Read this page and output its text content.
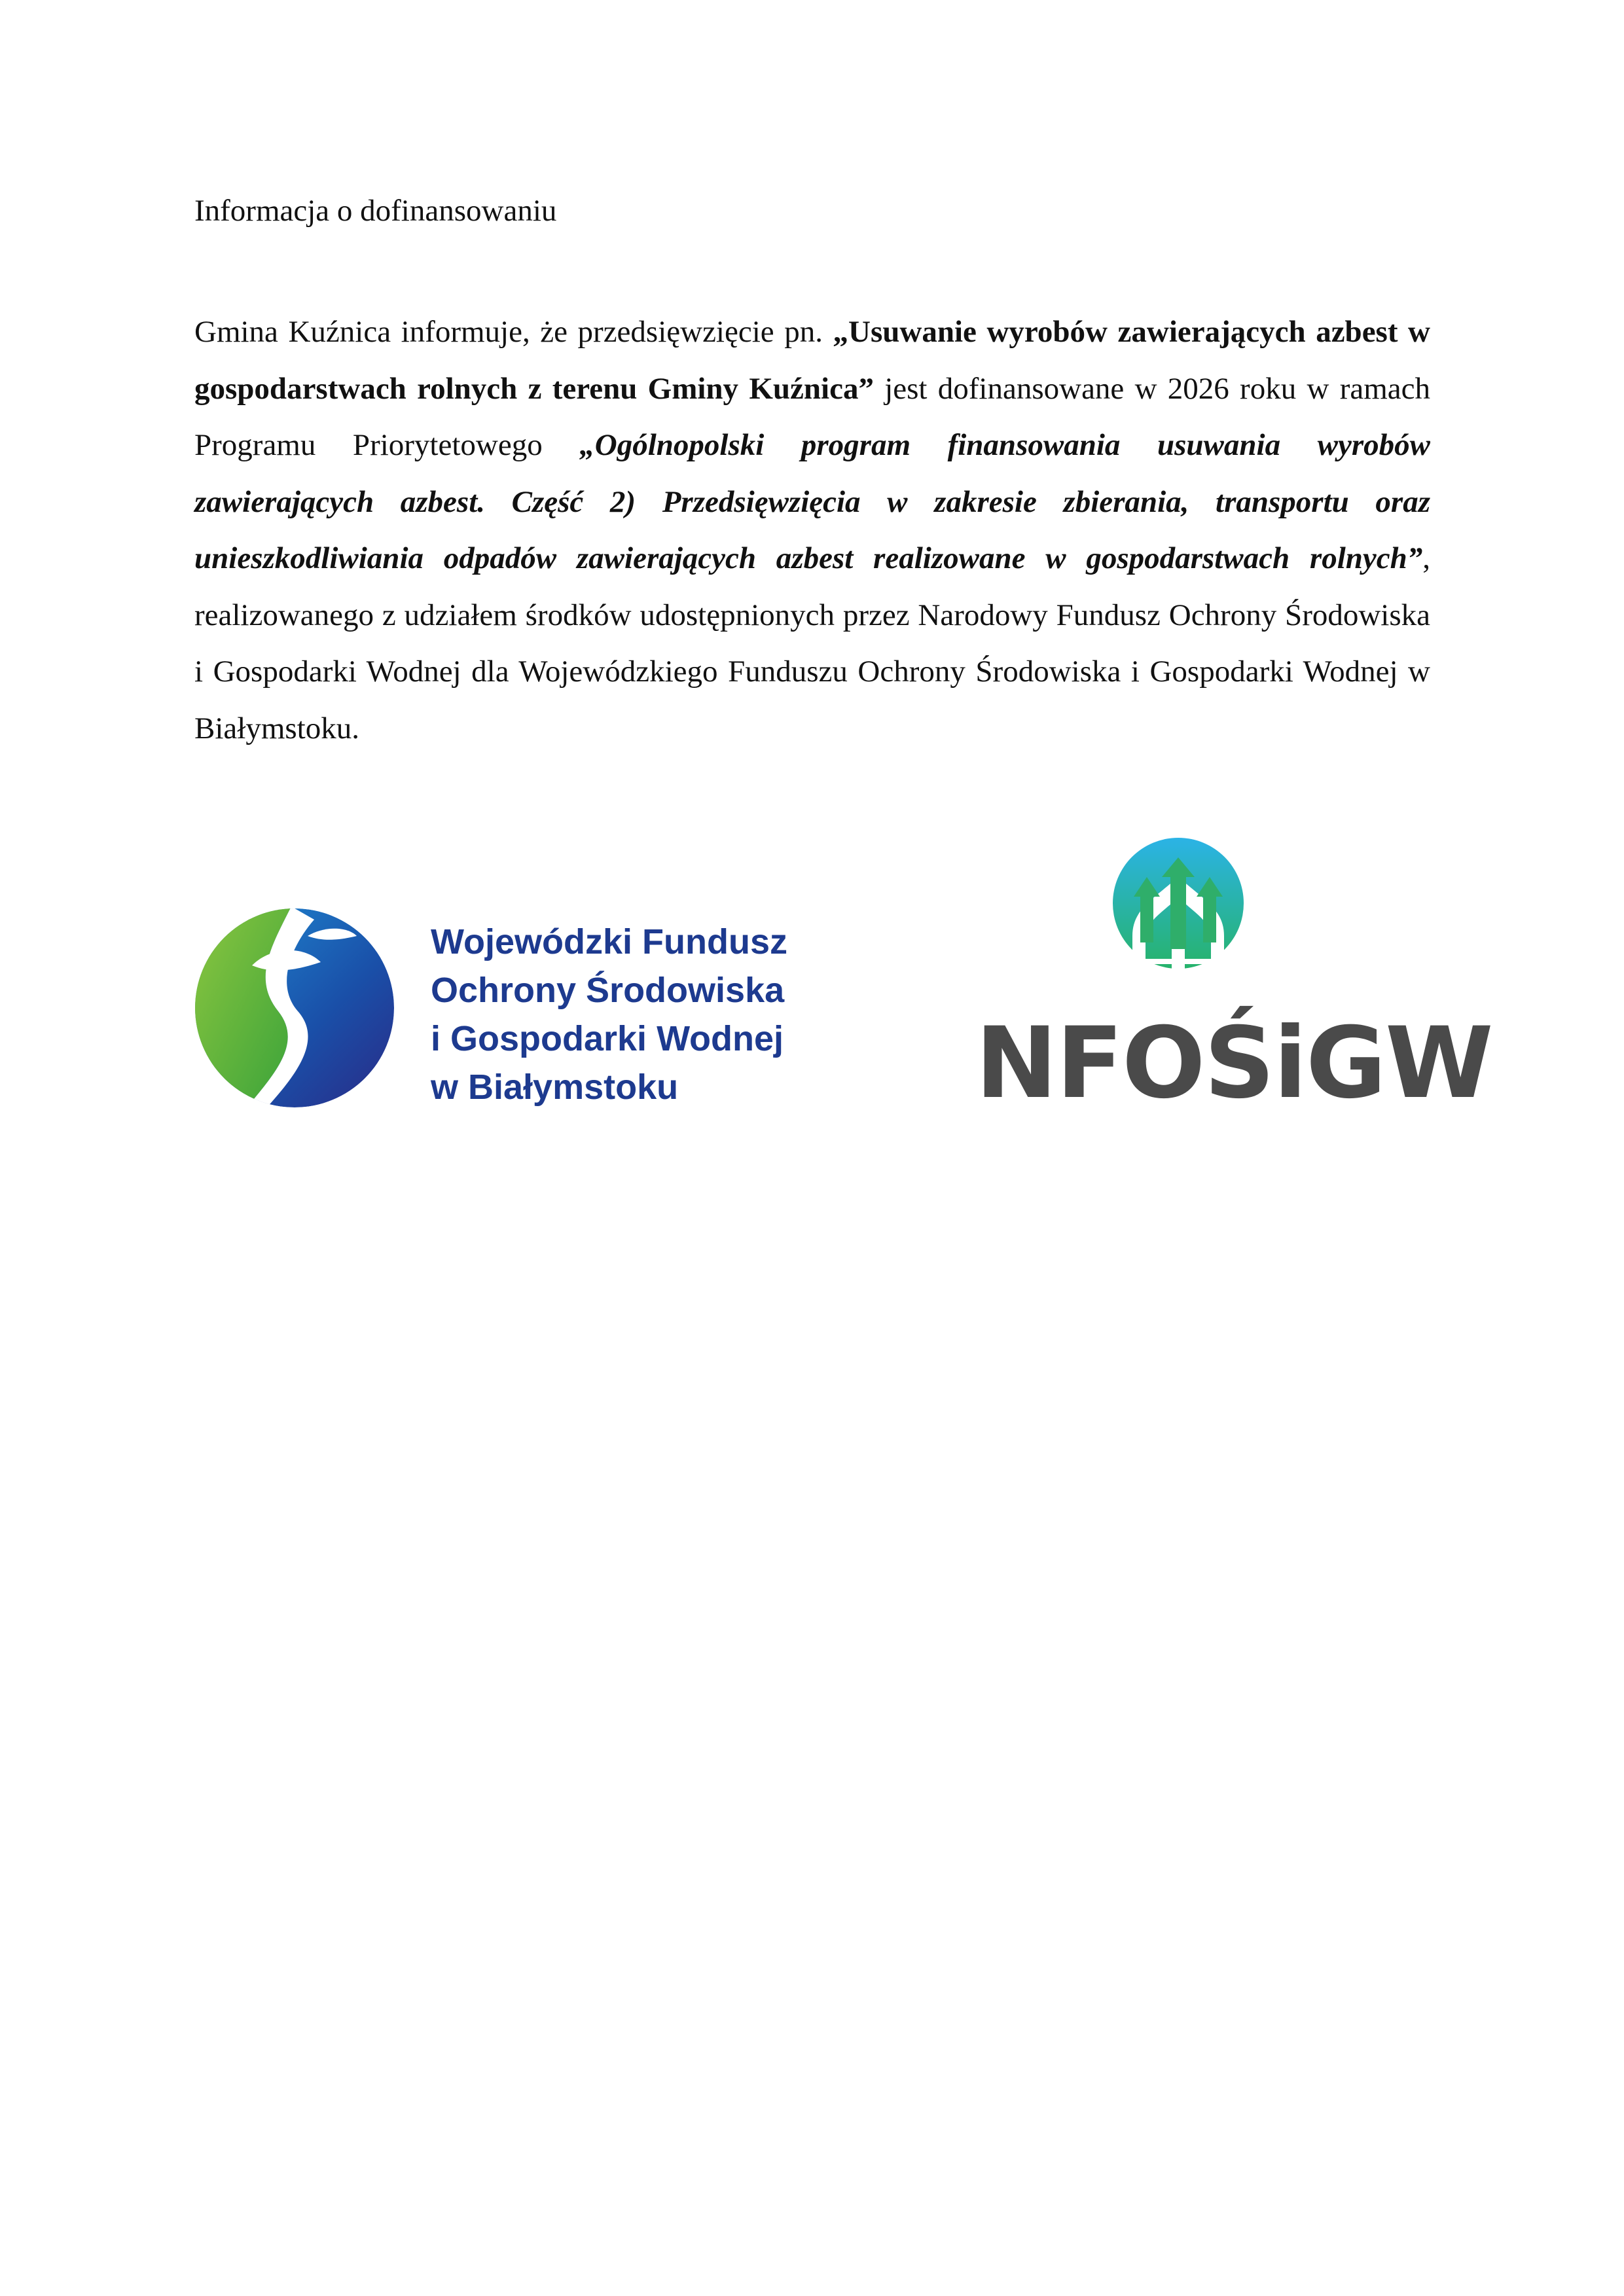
Informacja o dofinansowaniu

Gmina Kuźnica informuje, że przedsięwzięcie pn. „Usuwanie wyrobów zawierających azbest w gospodarstwach rolnych z terenu Gminy Kuźnica” jest dofinansowane w 2026 roku w ramach Programu Priorytetowego „Ogólnopolski program finansowania usuwania wyrobów zawierających azbest. Część 2) Przedsięwzięcia w zakresie zbierania, transportu oraz unieszkodliwiania odpadów zawierających azbest realizowane w gospodarstwach rolnych”, realizowanego z udziałem środków udostępnionych przez Narodowy Fundusz Ochrony Środowiska i Gospodarki Wodnej dla Wojewódzkiego Funduszu Ochrony Środowiska i Gospodarki Wodnej w Białymstoku.

Wojewódzki Fundusz
Ochrony Środowiska
i Gospodarki Wodnej
w Białymstoku	NFOŚiGW
